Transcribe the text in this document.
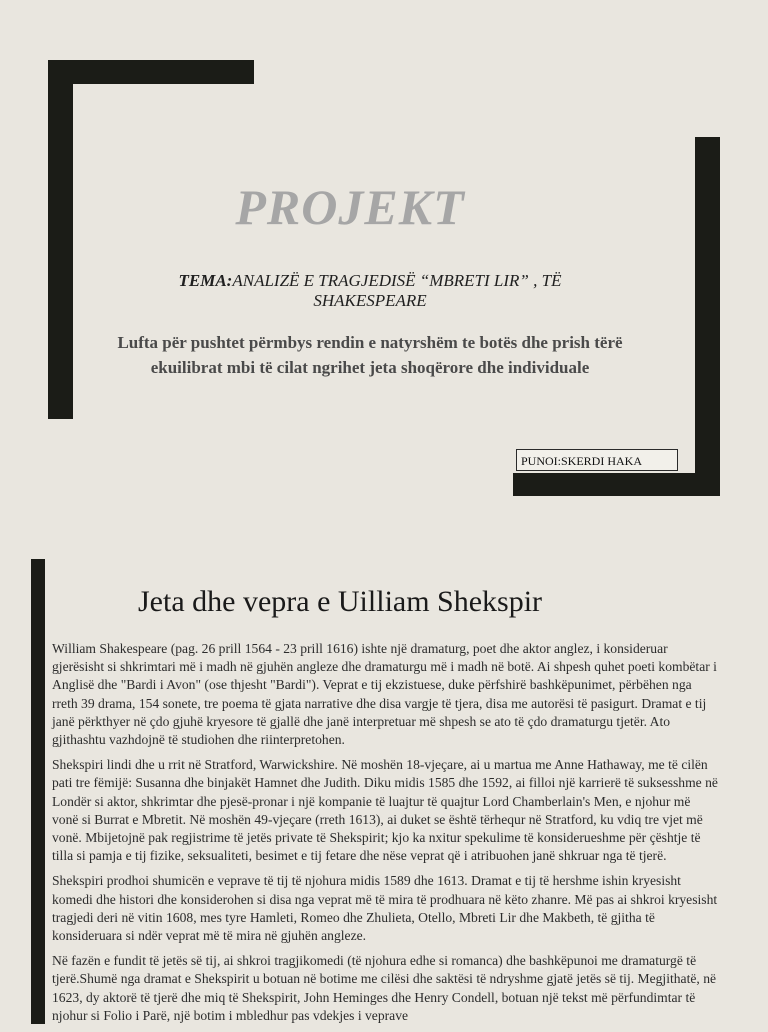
PROJEKT
TEMA:ANALIZË E TRAGJEDISË “MBRETI LIR” , TË SHAKESPEARE
Lufta për pushtet përmbys rendin e natyrshëm te botës dhe prish tërë ekuilibrat mbi të cilat ngrihet jeta shoqërore dhe individuale
PUNOI:SKERDI HAKA
Jeta dhe vepra e Uilliam Shekspir

William Shakespeare (pag. 26 prill 1564 - 23 prill 1616) ishte një dramaturg, poet dhe aktor anglez, i konsideruar gjerësisht si shkrimtari më i madh në gjuhën angleze dhe dramaturgu më i madh në botë. Ai shpesh quhet poeti kombëtar i Anglisë dhe "Bardi i Avon" (ose thjesht "Bardi"). Veprat e tij ekzistuese, duke përfshirë bashkëpunimet, përbëhen nga rreth 39 drama, 154 sonete, tre poema të gjata narrative dhe disa vargje të tjera, disa me autorësi të pasigurt. Dramat e tij janë përkthyer në çdo gjuhë kryesore të gjallë dhe janë interpretuar më shpesh se ato të çdo dramaturgu tjetër. Ato gjithashtu vazhdojnë të studiohen dhe riinterpretohen.

Shekspiri lindi dhe u rrit në Stratford, Warwickshire. Në moshën 18-vjeçare, ai u martua me Anne Hathaway, me të cilën pati tre fëmijë: Susanna dhe binjakët Hamnet dhe Judith. Diku midis 1585 dhe 1592, ai filloi një karrierë të suksesshme në Londër si aktor, shkrimtar dhe pjesë-pronar i një kompanie të luajtur të quajtur Lord Chamberlain's Men, e njohur më vonë si Burrat e Mbretit. Në moshën 49-vjeçare (rreth 1613), ai duket se është tërhequr në Stratford, ku vdiq tre vjet më vonë. Mbijetojnë pak regjistrime të jetës private të Shekspirit; kjo ka nxitur spekulime të konsiderueshme për çështje të tilla si pamja e tij fizike, seksualiteti, besimet e tij fetare dhe nëse veprat që i atribuohen janë shkruar nga të tjerë.

Shekspiri prodhoi shumicën e veprave të tij të njohura midis 1589 dhe 1613. Dramat e tij të hershme ishin kryesisht komedi dhe histori dhe konsiderohen si disa nga veprat më të mira të prodhuara në këto zhanre. Më pas ai shkroi kryesisht tragjedi deri në vitin 1608, mes tyre Hamleti, Romeo dhe Zhulieta, Otello, Mbreti Lir dhe Makbeth, të gjitha të konsideruara si ndër veprat më të mira në gjuhën angleze.

Në fazën e fundit të jetës së tij, ai shkroi tragjikomedi (të njohura edhe si romanca) dhe bashkëpunoi me dramaturgë të tjerë.Shumë nga dramat e Shekspirit u botuan në botime me cilësi dhe saktësi të ndryshme gjatë jetës së tij. Megjithatë, në 1623, dy aktorë të tjerë dhe miq të Shekspirit, John Heminges dhe Henry Condell, botuan një tekst më përfundimtar të njohur si Folio i Parë, një botim i mbledhur pas vdekjes i veprave
